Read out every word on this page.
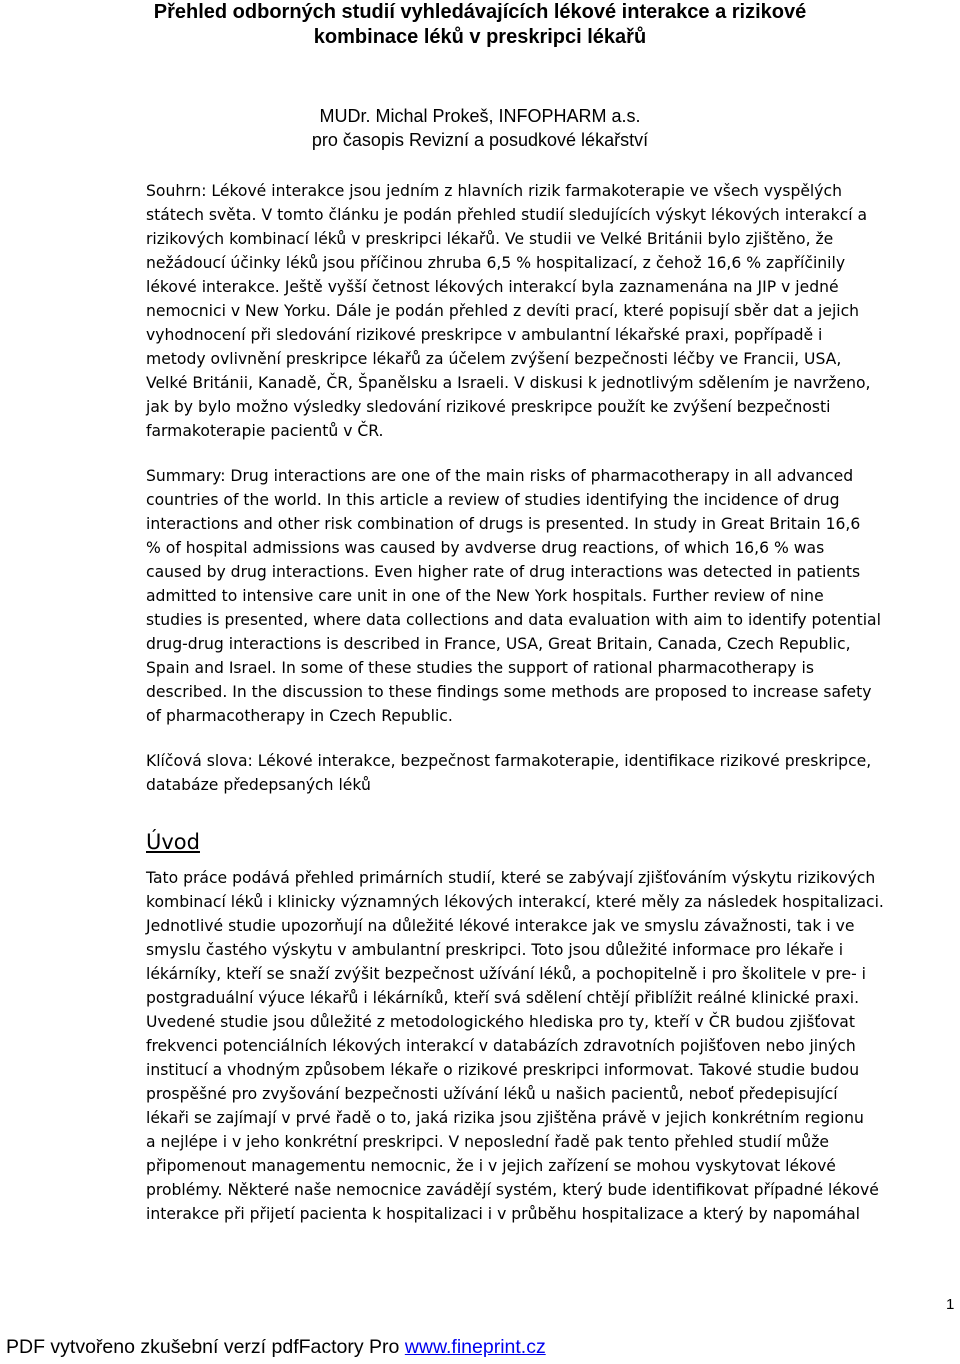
Přehled odborných studií vyhledávajících lékové interakce a rizikové
kombinace léků v preskripci lékařů
MUDr. Michal Prokeš, INFOPHARM a.s.
pro časopis Revizní a posudkové lékařství
Souhrn: Lékové interakce jsou jedním z hlavních rizik farmakoterapie ve všech vyspělých
státech světa. V tomto článku je podán přehled studií sledujících výskyt lékových interakcí a
rizikových kombinací léků v preskripci lékařů. Ve studii ve Velké Británii bylo zjištěno, že
nežádoucí účinky léků jsou příčinou zhruba 6,5 % hospitalizací, z čehož 16,6 % zapříčinily
lékové interakce. Ještě vyšší četnost lékových interakcí byla zaznamenána na JIP v jedné
nemocnici v New Yorku. Dále je podán přehled z devíti prací, které popisují sběr dat a jejich
vyhodnocení při sledování rizikové preskripce v ambulantní lékařské praxi, popřípadě i
metody ovlivnění preskripce lékařů za účelem zvýšení bezpečnosti léčby ve Francii, USA,
Velké Británii, Kanadě, ČR, Španělsku a Israeli. V diskusi k jednotlivým sdělením je navrženo,
jak by bylo možno výsledky sledování rizikové preskripce použít ke zvýšení bezpečnosti
farmakoterapie pacientů v ČR.
Summary: Drug interactions are one of the main risks of pharmacotherapy in all advanced
countries of the world. In this article a review of studies identifying the incidence of drug
interactions and other risk combination of drugs is presented. In study in Great Britain 16,6
% of hospital admissions was caused by avdverse drug reactions, of which 16,6 % was
caused by drug interactions. Even higher rate of drug interactions was detected in patients
admitted to intensive care unit in one of the New York hospitals. Further review of nine
studies is presented, where data collections and data evaluation with aim to identify potential
drug-drug interactions is described in France, USA, Great Britain, Canada, Czech Republic,
Spain and Israel. In some of these studies the support of rational pharmacotherapy is
described. In the discussion to these findings some methods are proposed to increase safety
of pharmacotherapy in Czech Republic.
Klíčová slova: Lékové interakce, bezpečnost farmakoterapie, identifikace rizikové preskripce,
databáze předepsaných léků
Úvod
Tato práce podává přehled primárních studií, které se zabývají zjišťováním výskytu rizikových
kombinací léků i klinicky významných lékových interakcí, které měly za následek hospitalizaci.
Jednotlivé studie upozorňují na důležité lékové interakce jak ve smyslu závažnosti, tak i ve
smyslu častého výskytu v ambulantní preskripci. Toto jsou důležité informace pro lékaře i
lékárníky, kteří se snaží zvýšit bezpečnost užívání léků, a pochopitelně i pro školitele v pre- i
postgraduální výuce lékařů i lékárníků, kteří svá sdělení chtějí přiblížit reálné klinické praxi.
Uvedené studie jsou důležité z metodologického hlediska pro ty, kteří v ČR budou zjišťovat
frekvenci potenciálních lékových interakcí v databázích zdravotních pojišťoven nebo jiných
institucí a vhodným způsobem lékaře o rizikové preskripci informovat. Takové studie budou
prospěšné pro zvyšování bezpečnosti užívání léků u našich pacientů, neboť předepisující
lékaři se zajímají v prvé řadě o to, jaká rizika jsou zjištěna právě v jejich konkrétním regionu
a nejlépe i v jeho konkrétní preskripci. V neposlední řadě pak tento přehled studií může
připomenout managementu nemocnic, že i v jejich zařízení se mohou vyskytovat lékové
problémy. Některé naše nemocnice zavádějí systém, který bude identifikovat případné lékové
interakce při přijetí pacienta k hospitalizaci i v průběhu hospitalizace a který by napomáhal
1
PDF vytvořeno zkušební verzí pdfFactory Pro www.fineprint.cz
